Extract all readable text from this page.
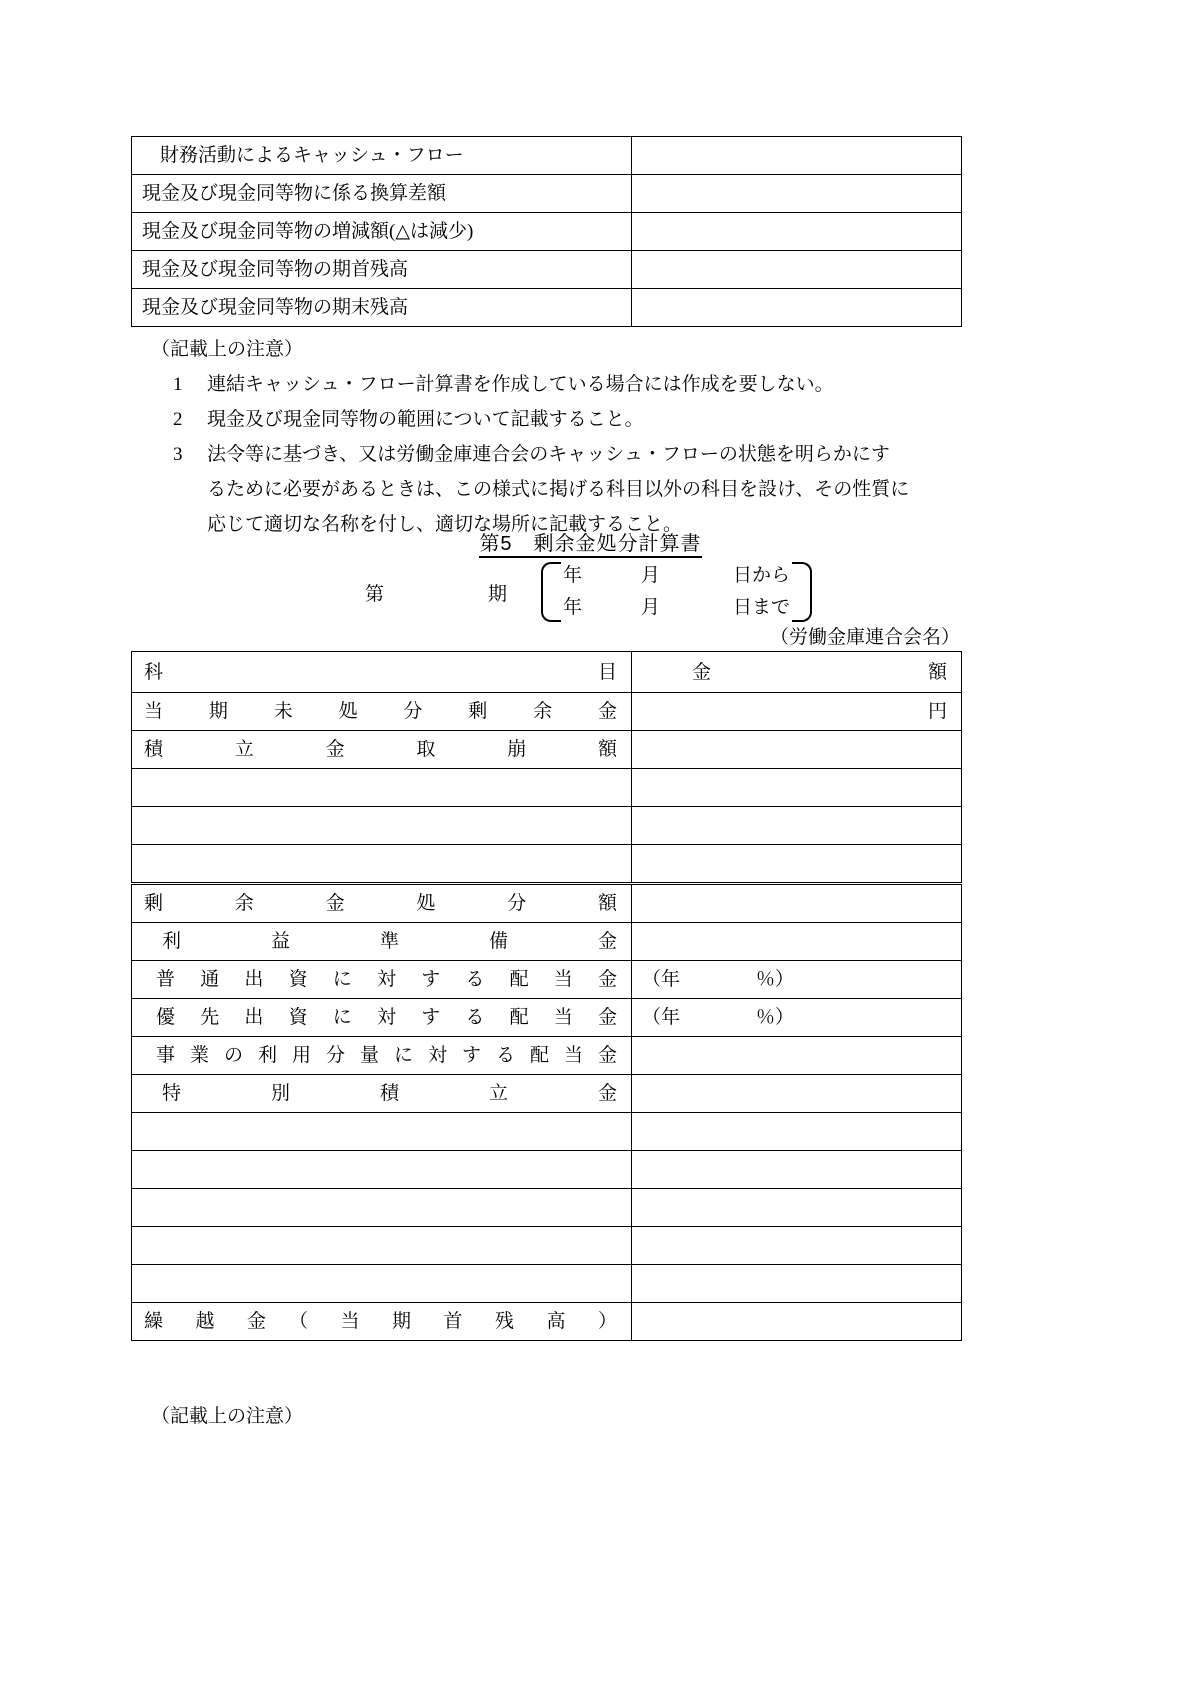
財務活動によるキャッシュ・フロー	

現金及び現金同等物に係る換算差額	

現金及び現金同等物の増減額(△は減少)	

現金及び現金同等物の期首残高	

現金及び現金同等物の期末残高	

（記載上の注意）
1	連結キャッシュ・フロー計算書を作成している場合には作成を要しない。
2	現金及び現金同等物の範囲について記載すること。
3	法令等に基づき、又は労働金庫連合会のキャッシュ・フローの状態を明らかにす
るために必要があるときは、この様式に掲げる科目以外の科目を設け、その性質に
応じて適切な名称を付し、適切な場所に記載すること。
第5　剰余金処分計算書
第　　期
年	月	日から
年	月	日まで
（労働金庫連合会名）
科　　　　　　　目	金 額

当　期　未　処　分　剰　余　金	円

積　立　金　取　崩　額	

剰　余　金　処　分　額	

利　益　準　備　金	

普通出資に対する配当金	（年　　　　％）

優先出資に対する配当金	（年　　　　％）

事業の利用分量に対する配当金	

特　別　積　立　金	

繰　越　金　（　当　期　首　残　高　）	

（記載上の注意）
